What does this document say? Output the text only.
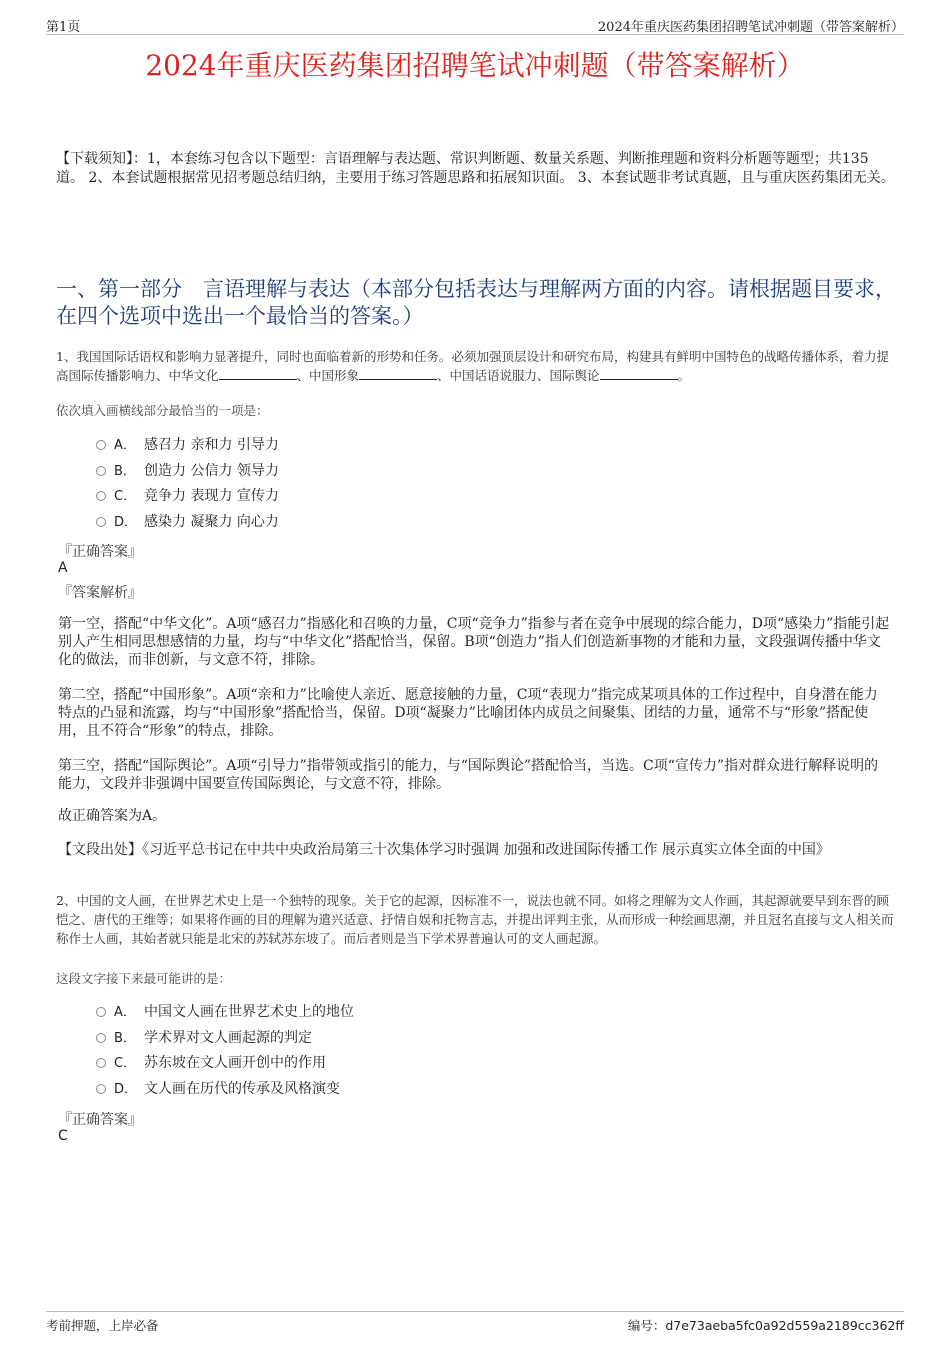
第1页	2024年重庆医药集团招聘笔试冲刺题（带答案解析）
2024年重庆医药集团招聘笔试冲刺题（带答案解析）
【下载须知】：1，本套练习包含以下题型：言语理解与表达题、常识判断题、数量关系题、判断推理题和资料分析题等题型；共135道。 2、本套试题根据常见招考题总结归纳，主要用于练习答题思路和拓展知识面。 3、本套试题非考试真题，且与重庆医药集团无关。
一、第一部分　言语理解与表达（本部分包括表达与理解两方面的内容。请根据题目要求，在四个选项中选出一个最恰当的答案。）
1、我国国际话语权和影响力显著提升，同时也面临着新的形势和任务。必须加强顶层设计和研究布局，构建具有鲜明中国特色的战略传播体系，着力提高国际传播影响力、中华文化	、中国形象	、中国话语说服力、国际舆论	。
依次填入画横线部分最恰当的一项是：
A． 感召力 亲和力 引导力
B． 创造力 公信力 领导力
C． 竞争力 表现力 宣传力
D． 感染力 凝聚力 向心力
『正确答案』
A
『答案解析』
第一空，搭配“中华文化”。A项“感召力”指感化和召唤的力量，C项“竞争力”指参与者在竞争中展现的综合能力，D项“感染力”指能引起别人产生相同思想感情的力量，均与“中华文化”搭配恰当，保留。B项“创造力”指人们创造新事物的才能和力量，文段强调传播中华文化的做法，而非创新，与文意不符，排除。
第二空，搭配“中国形象”。A项“亲和力”比喻使人亲近、愿意接触的力量，C项“表现力”指完成某项具体的工作过程中，自身潜在能力特点的凸显和流露，均与“中国形象”搭配恰当，保留。D项“凝聚力”比喻团体内成员之间聚集、团结的力量，通常不与“形象”搭配使用，且不符合“形象”的特点，排除。
第三空，搭配“国际舆论”。A项“引导力”指带领或指引的能力，与“国际舆论”搭配恰当，当选。C项“宣传力”指对群众进行解释说明的能力，文段并非强调中国要宣传国际舆论，与文意不符，排除。
故正确答案为A。
【文段出处】《习近平总书记在中共中央政治局第三十次集体学习时强调 加强和改进国际传播工作 展示真实立体全面的中国》
2、中国的文人画，在世界艺术史上是一个独特的现象。关于它的起源，因标准不一，说法也就不同。如将之理解为文人作画，其起源就要早到东晋的顾恺之、唐代的王维等；如果将作画的目的理解为遣兴适意、抒情自娱和托物言志，并提出评判主张，从而形成一种绘画思潮，并且冠名直接与文人相关而称作士人画，其始者就只能是北宋的苏轼苏东坡了。而后者则是当下学术界普遍认可的文人画起源。
这段文字接下来最可能讲的是：
A． 中国文人画在世界艺术史上的地位
B． 学术界对文人画起源的判定
C． 苏东坡在文人画开创中的作用
D． 文人画在历代的传承及风格演变
『正确答案』
C
考前押题，上岸必备	编号：d7e73aeba5fc0a92d559a2189cc362ff
